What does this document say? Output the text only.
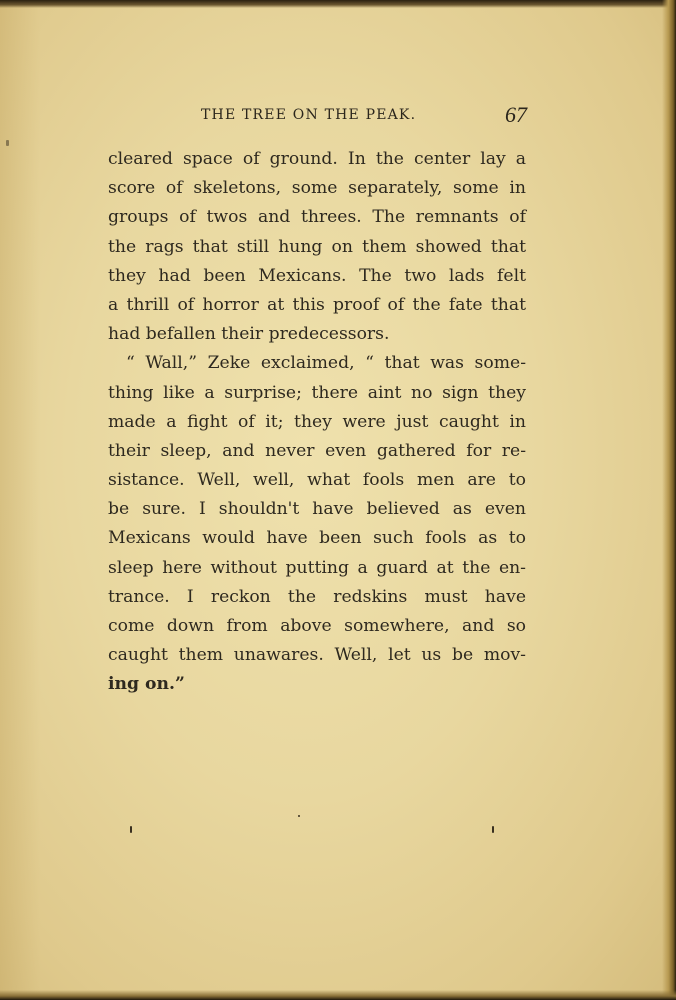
THE TREE ON THE PEAK.	67
cleared space of ground. In the center lay a
score of skeletons, some separately, some in
groups of twos and threes. The remnants of
the rags that still hung on them showed that
they had been Mexicans. The two lads felt
a thrill of horror at this proof of the fate that
had befallen their predecessors.
“ Wall,” Zeke exclaimed, “ that was some-
thing like a surprise; there aint no sign they
made a fight of it; they were just caught in
their sleep, and never even gathered for re-
sistance. Well, well, what fools men are to
be sure. I shouldn't have believed as even
Mexicans would have been such fools as to
sleep here without putting a guard at the en-
trance. I reckon the redskins must have
come down from above somewhere, and so
caught them unawares. Well, let us be mov-
ing on.”
